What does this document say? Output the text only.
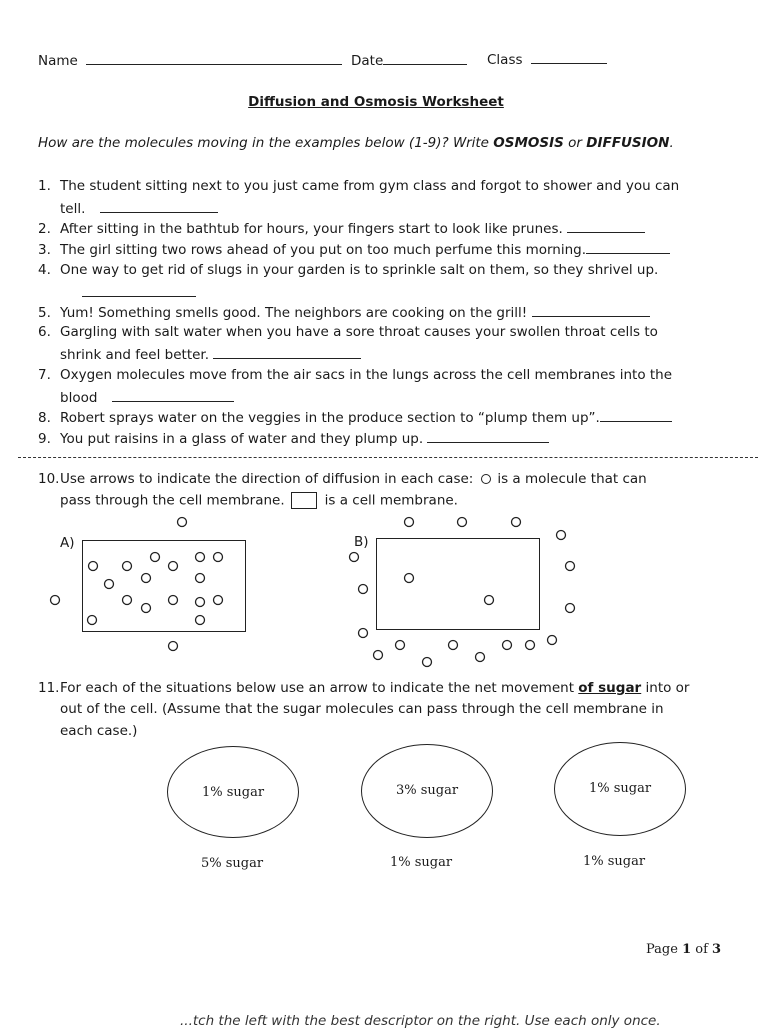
Name	Date	Class
Diffusion and Osmosis Worksheet
How are the molecules moving in the examples below (1-9)? Write OSMOSIS or DIFFUSION.
1. The student sitting next to you just came from gym class and forgot to shower and you can
tell.
2. After sitting in the bathtub for hours, your fingers start to look like prunes.
3. The girl sitting two rows ahead of you put on too much perfume this morning.
4. One way to get rid of slugs in your garden is to sprinkle salt on them, so they shrivel up.
5. Yum! Something smells good. The neighbors are cooking on the grill!
6. Gargling with salt water when you have a sore throat causes your swollen throat cells to
shrink and feel better.
7. Oxygen molecules move from the air sacs in the lungs across the cell membranes into the
blood
8. Robert sprays water on the veggies in the produce section to “plump them up”.
9. You put raisins in a glass of water and they plump up.
10.Use arrows to indicate the direction of diffusion in each case: is a molecule that can
pass through the cell membrane.	is a cell membrane.
A)	B)
11.For each of the situations below use an arrow to indicate the net movement of sugar into or
out of the cell. (Assume that the sugar molecules can pass through the cell membrane in
each case.)
1% sugar	3% sugar	1% sugar
5% sugar	1% sugar	1% sugar
Page 1 of 3
...tch the left with the best descriptor on the right. Use each only once.
